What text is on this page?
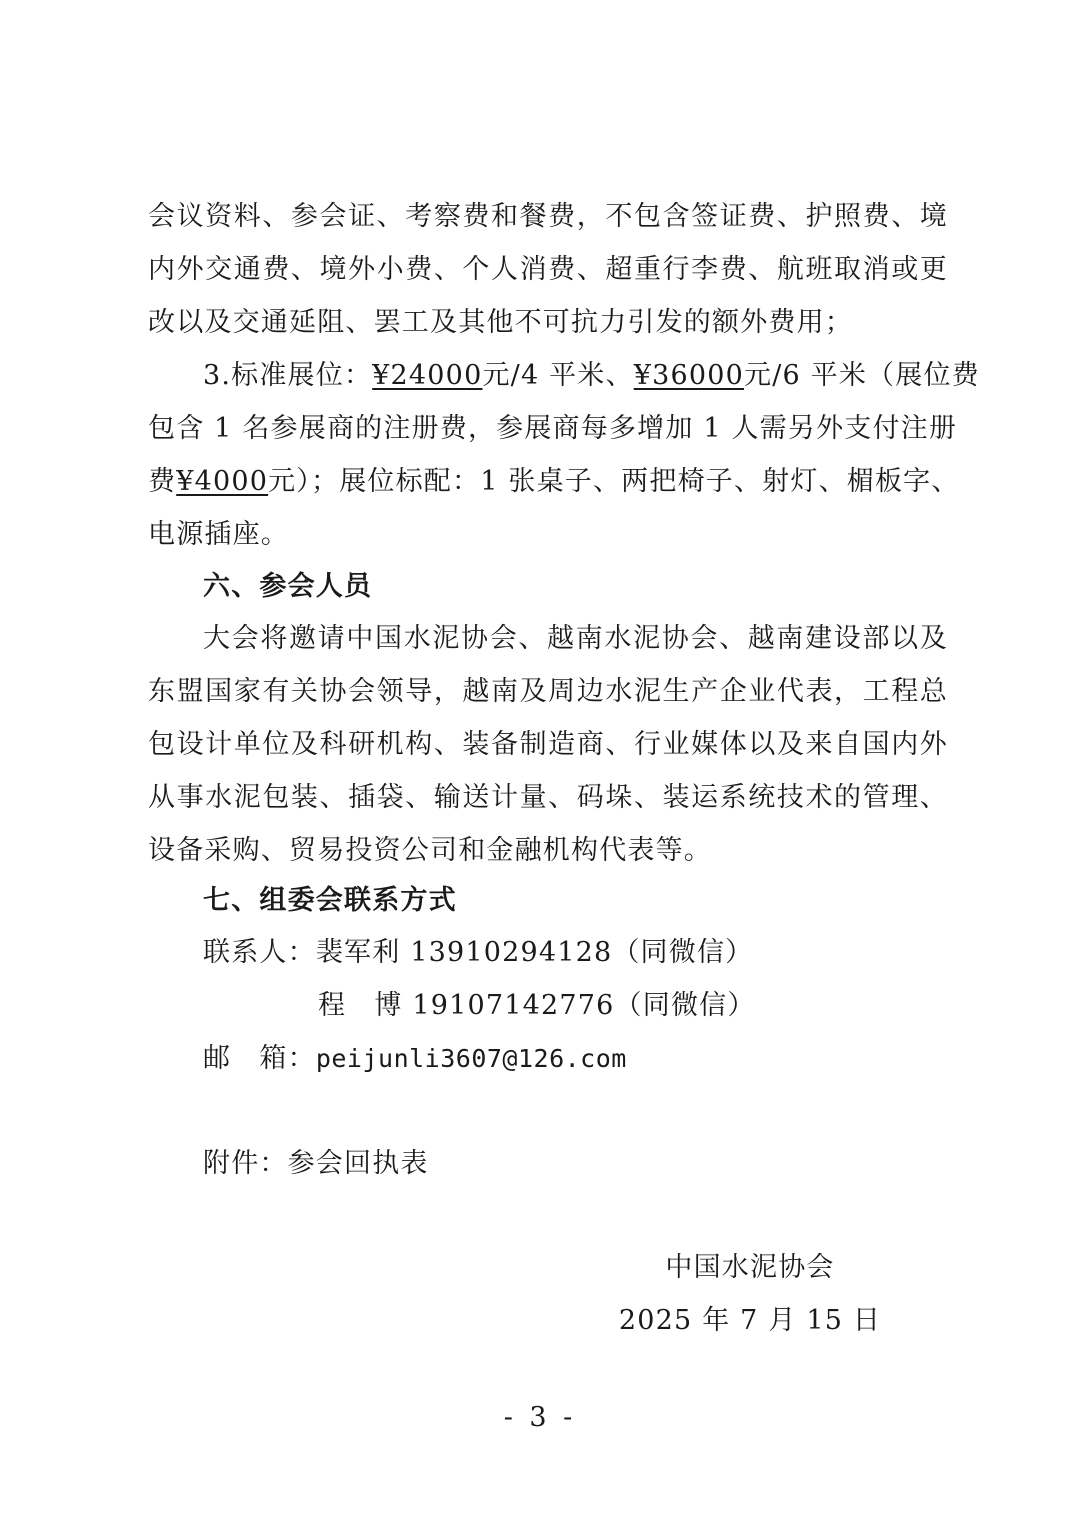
会议资料、参会证、考察费和餐费，不包含签证费、护照费、境
内外交通费、境外小费、个人消费、超重行李费、航班取消或更
改以及交通延阻、罢工及其他不可抗力引发的额外费用；
3.标准展位：¥24000元/4 平米、¥36000元/6 平米（展位费
包含 1 名参展商的注册费，参展商每多增加 1 人需另外支付注册
费¥4000元）；展位标配：1 张桌子、两把椅子、射灯、楣板字、
电源插座。
六、参会人员
大会将邀请中国水泥协会、越南水泥协会、越南建设部以及
东盟国家有关协会领导，越南及周边水泥生产企业代表，工程总
包设计单位及科研机构、装备制造商、行业媒体以及来自国内外
从事水泥包装、插袋、输送计量、码垛、装运系统技术的管理、
设备采购、贸易投资公司和金融机构代表等。
七、组委会联系方式
联系人：裴军利 13910294128（同微信）
程　博 19107142776（同微信）
邮　箱：peijunli3607@126.com
附件：参会回执表
中国水泥协会
2025 年 7 月 15 日
- 3 -
